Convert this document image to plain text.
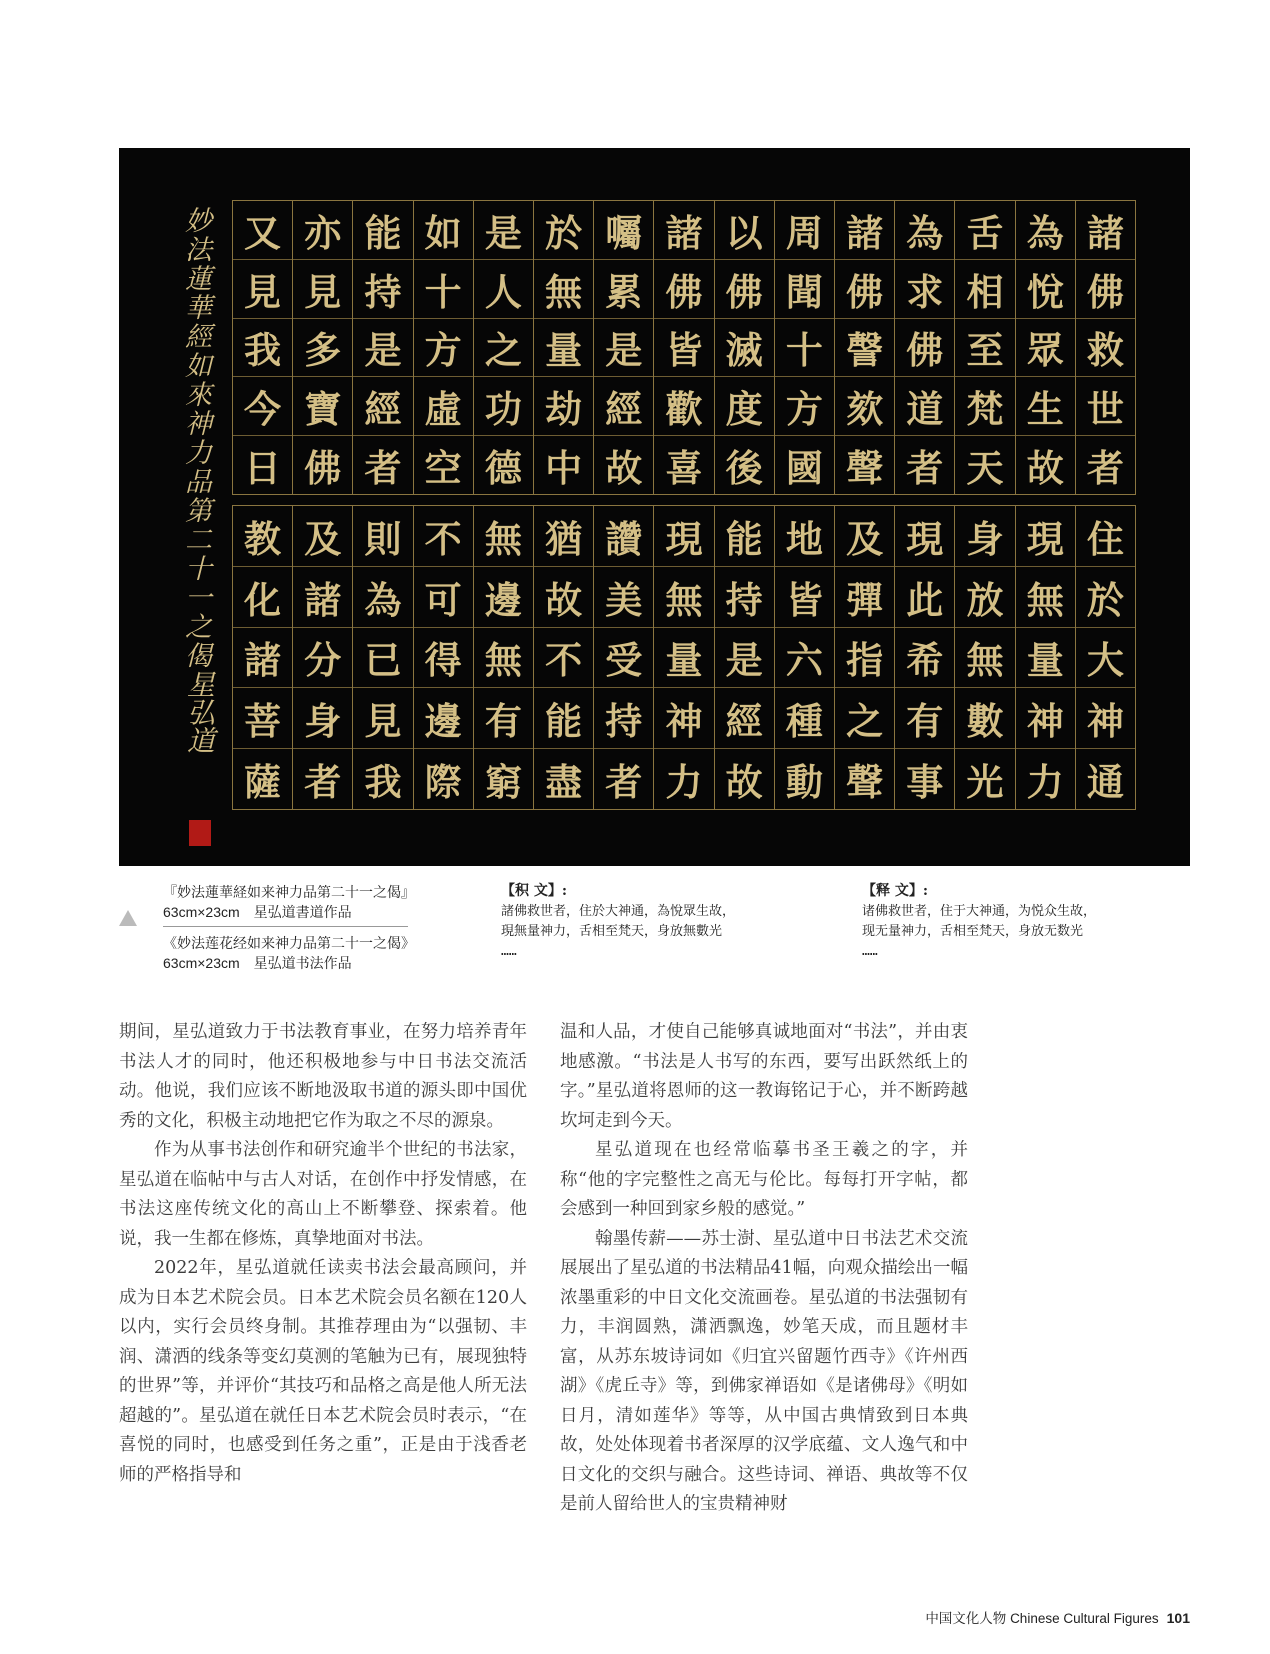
妙法蓮華經如來神力品第二十一之偈
星弘道
諸
佛
救
世
者
為
悅
眾
生
故
舌
相
至
梵
天
為
求
佛
道
者
諸
佛
謦
欬
聲
周
聞
十
方
國
以
佛
滅
度
後
諸
佛
皆
歡
喜
囑
累
是
經
故
於
無
量
劫
中
是
人
之
功
德
如
十
方
虛
空
能
持
是
經
者
亦
見
多
寶
佛
又
見
我
今
日
住
於
大
神
通
現
無
量
神
力
身
放
無
數
光
現
此
希
有
事
及
彈
指
之
聲
地
皆
六
種
動
能
持
是
經
故
現
無
量
神
力
讚
美
受
持
者
猶
故
不
能
盡
無
邊
無
有
窮
不
可
得
邊
際
則
為
已
見
我
及
諸
分
身
者
教
化
諸
菩
薩
『妙法蓮華経如来神力品第二十一之偈』
63cm×23cm　星弘道書道作品
《妙法莲花经如来神力品第二十一之偈》
63cm×23cm　星弘道书法作品
【积 文】:
諸佛救世者，住於大神通，為悅眾生故，
現無量神力，舌相至梵天，身放無數光
……
【释 文】:
诸佛救世者，住于大神通，为悦众生故，
现无量神力，舌相至梵天，身放无数光
……

期间，星弘道致力于书法教育事业，在努力培养青年书法人才的同时，他还积极地参与中日书法交流活动。他说，我们应该不断地汲取书道的源头即中国优秀的文化，积极主动地把它作为取之不尽的源泉。

作为从事书法创作和研究逾半个世纪的书法家，星弘道在临帖中与古人对话，在创作中抒发情感，在书法这座传统文化的高山上不断攀登、探索着。他说，我一生都在修炼，真挚地面对书法。

2022年，星弘道就任读卖书法会最高顾问，并成为日本艺术院会员。日本艺术院会员名额在120人以内，实行会员终身制。其推荐理由为“以强韧、丰润、潇洒的线条等变幻莫测的笔触为已有，展现独特的世界”等，并评价“其技巧和品格之高是他人所无法超越的”。星弘道在就任日本艺术院会员时表示，“在喜悦的同时，也感受到任务之重”，正是由于浅香老师的严格指导和

温和人品，才使自己能够真诚地面对“书法”，并由衷地感激。“书法是人书写的东西，要写出跃然纸上的字。”星弘道将恩师的这一教诲铭记于心，并不断跨越坎坷走到今天。

星弘道现在也经常临摹书圣王羲之的字，并称“他的字完整性之高无与伦比。每每打开字帖，都会感到一种回到家乡般的感觉。”

翰墨传薪——苏士澍、星弘道中日书法艺术交流展展出了星弘道的书法精品41幅，向观众描绘出一幅浓墨重彩的中日文化交流画卷。星弘道的书法强韧有力，丰润圆熟，潇洒飘逸，妙笔天成，而且题材丰富，从苏东坡诗词如《归宜兴留题竹西寺》《许州西湖》《虎丘寺》等，到佛家禅语如《是诸佛母》《明如日月，清如莲华》等等，从中国古典情致到日本典故，处处体现着书者深厚的汉学底蕴、文人逸气和中日文化的交织与融合。这些诗词、禅语、典故等不仅是前人留给世人的宝贵精神财

中国文化人物 Chinese Cultural Figures 101
